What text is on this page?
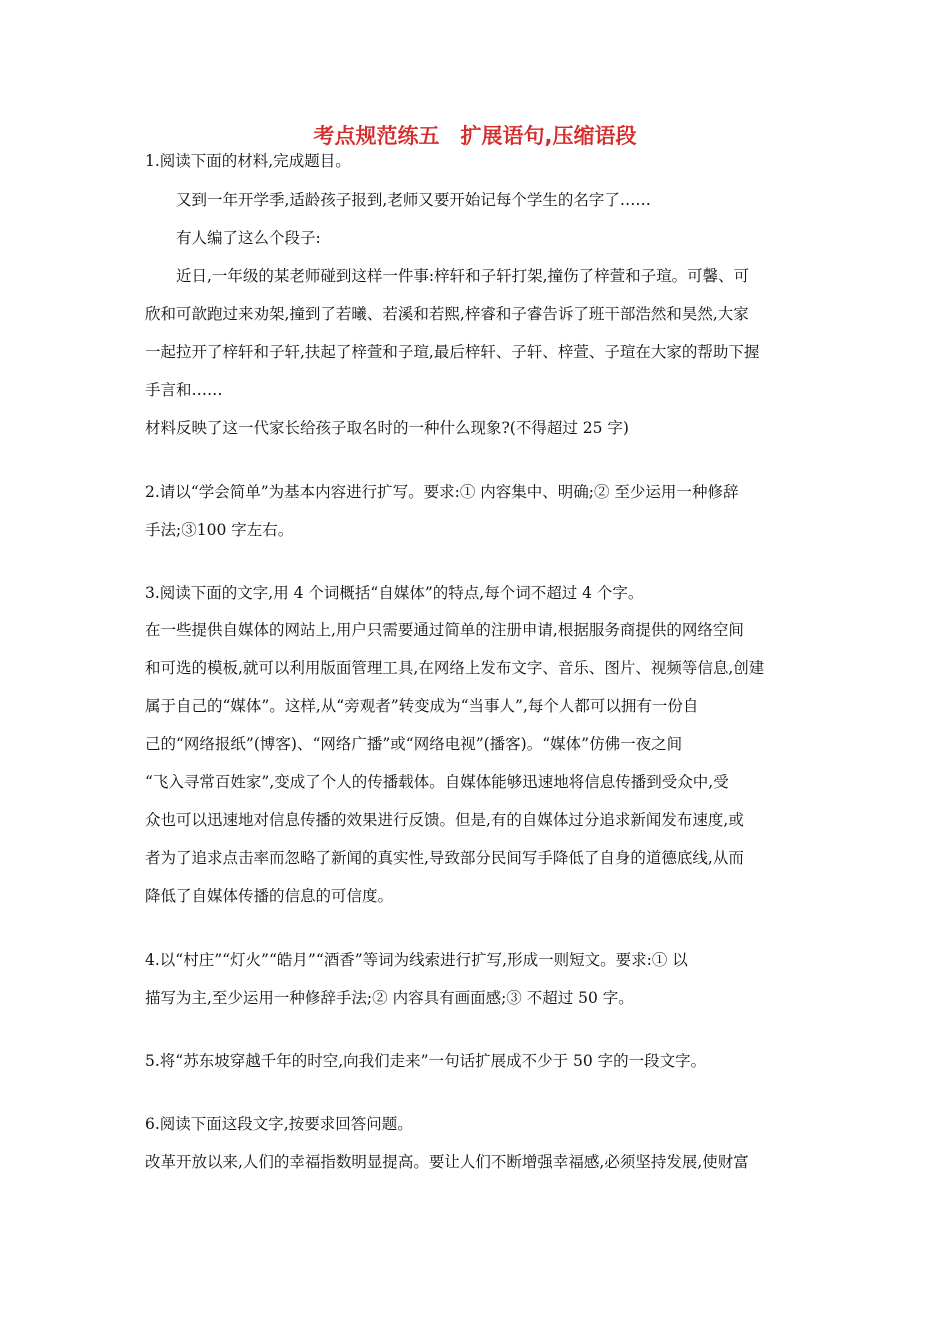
考点规范练五　扩展语句,压缩语段
1.阅读下面的材料,完成题目。
又到一年开学季,适龄孩子报到,老师又要开始记每个学生的名字了……
有人编了这么个段子:
近日,一年级的某老师碰到这样一件事:梓轩和子轩打架,撞伤了梓萱和子瑄。可馨、可
欣和可歆跑过来劝架,撞到了若曦、若溪和若熙,梓睿和子睿告诉了班干部浩然和昊然,大家
一起拉开了梓轩和子轩,扶起了梓萱和子瑄,最后梓轩、子轩、梓萱、子瑄在大家的帮助下握
手言和……
材料反映了这一代家长给孩子取名时的一种什么现象?(不得超过 25 字)
2.请以“学会简单”为基本内容进行扩写。要求:① 内容集中、明确;② 至少运用一种修辞
手法;③100 字左右。
3.阅读下面的文字,用 4 个词概括“自媒体”的特点,每个词不超过 4 个字。
在一些提供自媒体的网站上,用户只需要通过简单的注册申请,根据服务商提供的网络空间
和可选的模板,就可以利用版面管理工具,在网络上发布文字、音乐、图片、视频等信息,创建
属于自己的“媒体”。这样,从“旁观者”转变成为“当事人”,每个人都可以拥有一份自
己的“网络报纸”(博客)、“网络广播”或“网络电视”(播客)。“媒体”仿佛一夜之间
“飞入寻常百姓家”,变成了个人的传播载体。自媒体能够迅速地将信息传播到受众中,受
众也可以迅速地对信息传播的效果进行反馈。但是,有的自媒体过分追求新闻发布速度,或
者为了追求点击率而忽略了新闻的真实性,导致部分民间写手降低了自身的道德底线,从而
降低了自媒体传播的信息的可信度。
4.以“村庄”“灯火”“皓月”“酒香”等词为线索进行扩写,形成一则短文。要求:① 以
描写为主,至少运用一种修辞手法;② 内容具有画面感;③ 不超过 50 字。
5.将“苏东坡穿越千年的时空,向我们走来”一句话扩展成不少于 50 字的一段文字。
6.阅读下面这段文字,按要求回答问题。
改革开放以来,人们的幸福指数明显提高。要让人们不断增强幸福感,必须坚持发展,使财富
